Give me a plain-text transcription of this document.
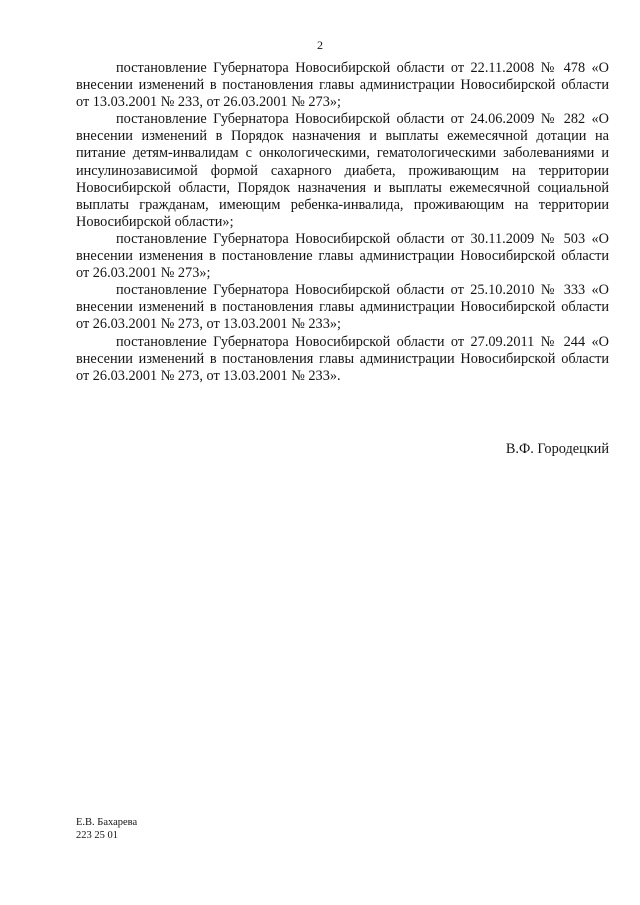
2

постановление Губернатора Новосибирской области от 22.11.2008 № 478 «О внесении изменений в постановления главы администрации Новосибирской области от 13.03.2001 № 233, от 26.03.2001 № 273»;

постановление Губернатора Новосибирской области от 24.06.2009 № 282 «О внесении изменений в Порядок назначения и выплаты ежемесячной дотации на питание детям-инвалидам с онкологическими, гематологическими заболеваниями и инсулинозависимой формой сахарного диабета, проживающим на территории Новосибирской области, Порядок назначения и выплаты ежемесячной социальной выплаты гражданам, имеющим ребенка-инвалида, проживающим на территории Новосибирской области»;

постановление Губернатора Новосибирской области от 30.11.2009 № 503 «О внесении изменения в постановление главы администрации Новосибирской области от 26.03.2001 № 273»;

постановление Губернатора Новосибирской области от 25.10.2010 № 333 «О внесении изменений в постановления главы администрации Новосибирской области от 26.03.2001 № 273, от 13.03.2001 № 233»;

постановление Губернатора Новосибирской области от 27.09.2011 № 244 «О внесении изменений в постановления главы администрации Новосибирской области от 26.03.2001 № 273, от 13.03.2001 № 233».

В.Ф. Городецкий
Е.В. Бахарева
223 25 01
